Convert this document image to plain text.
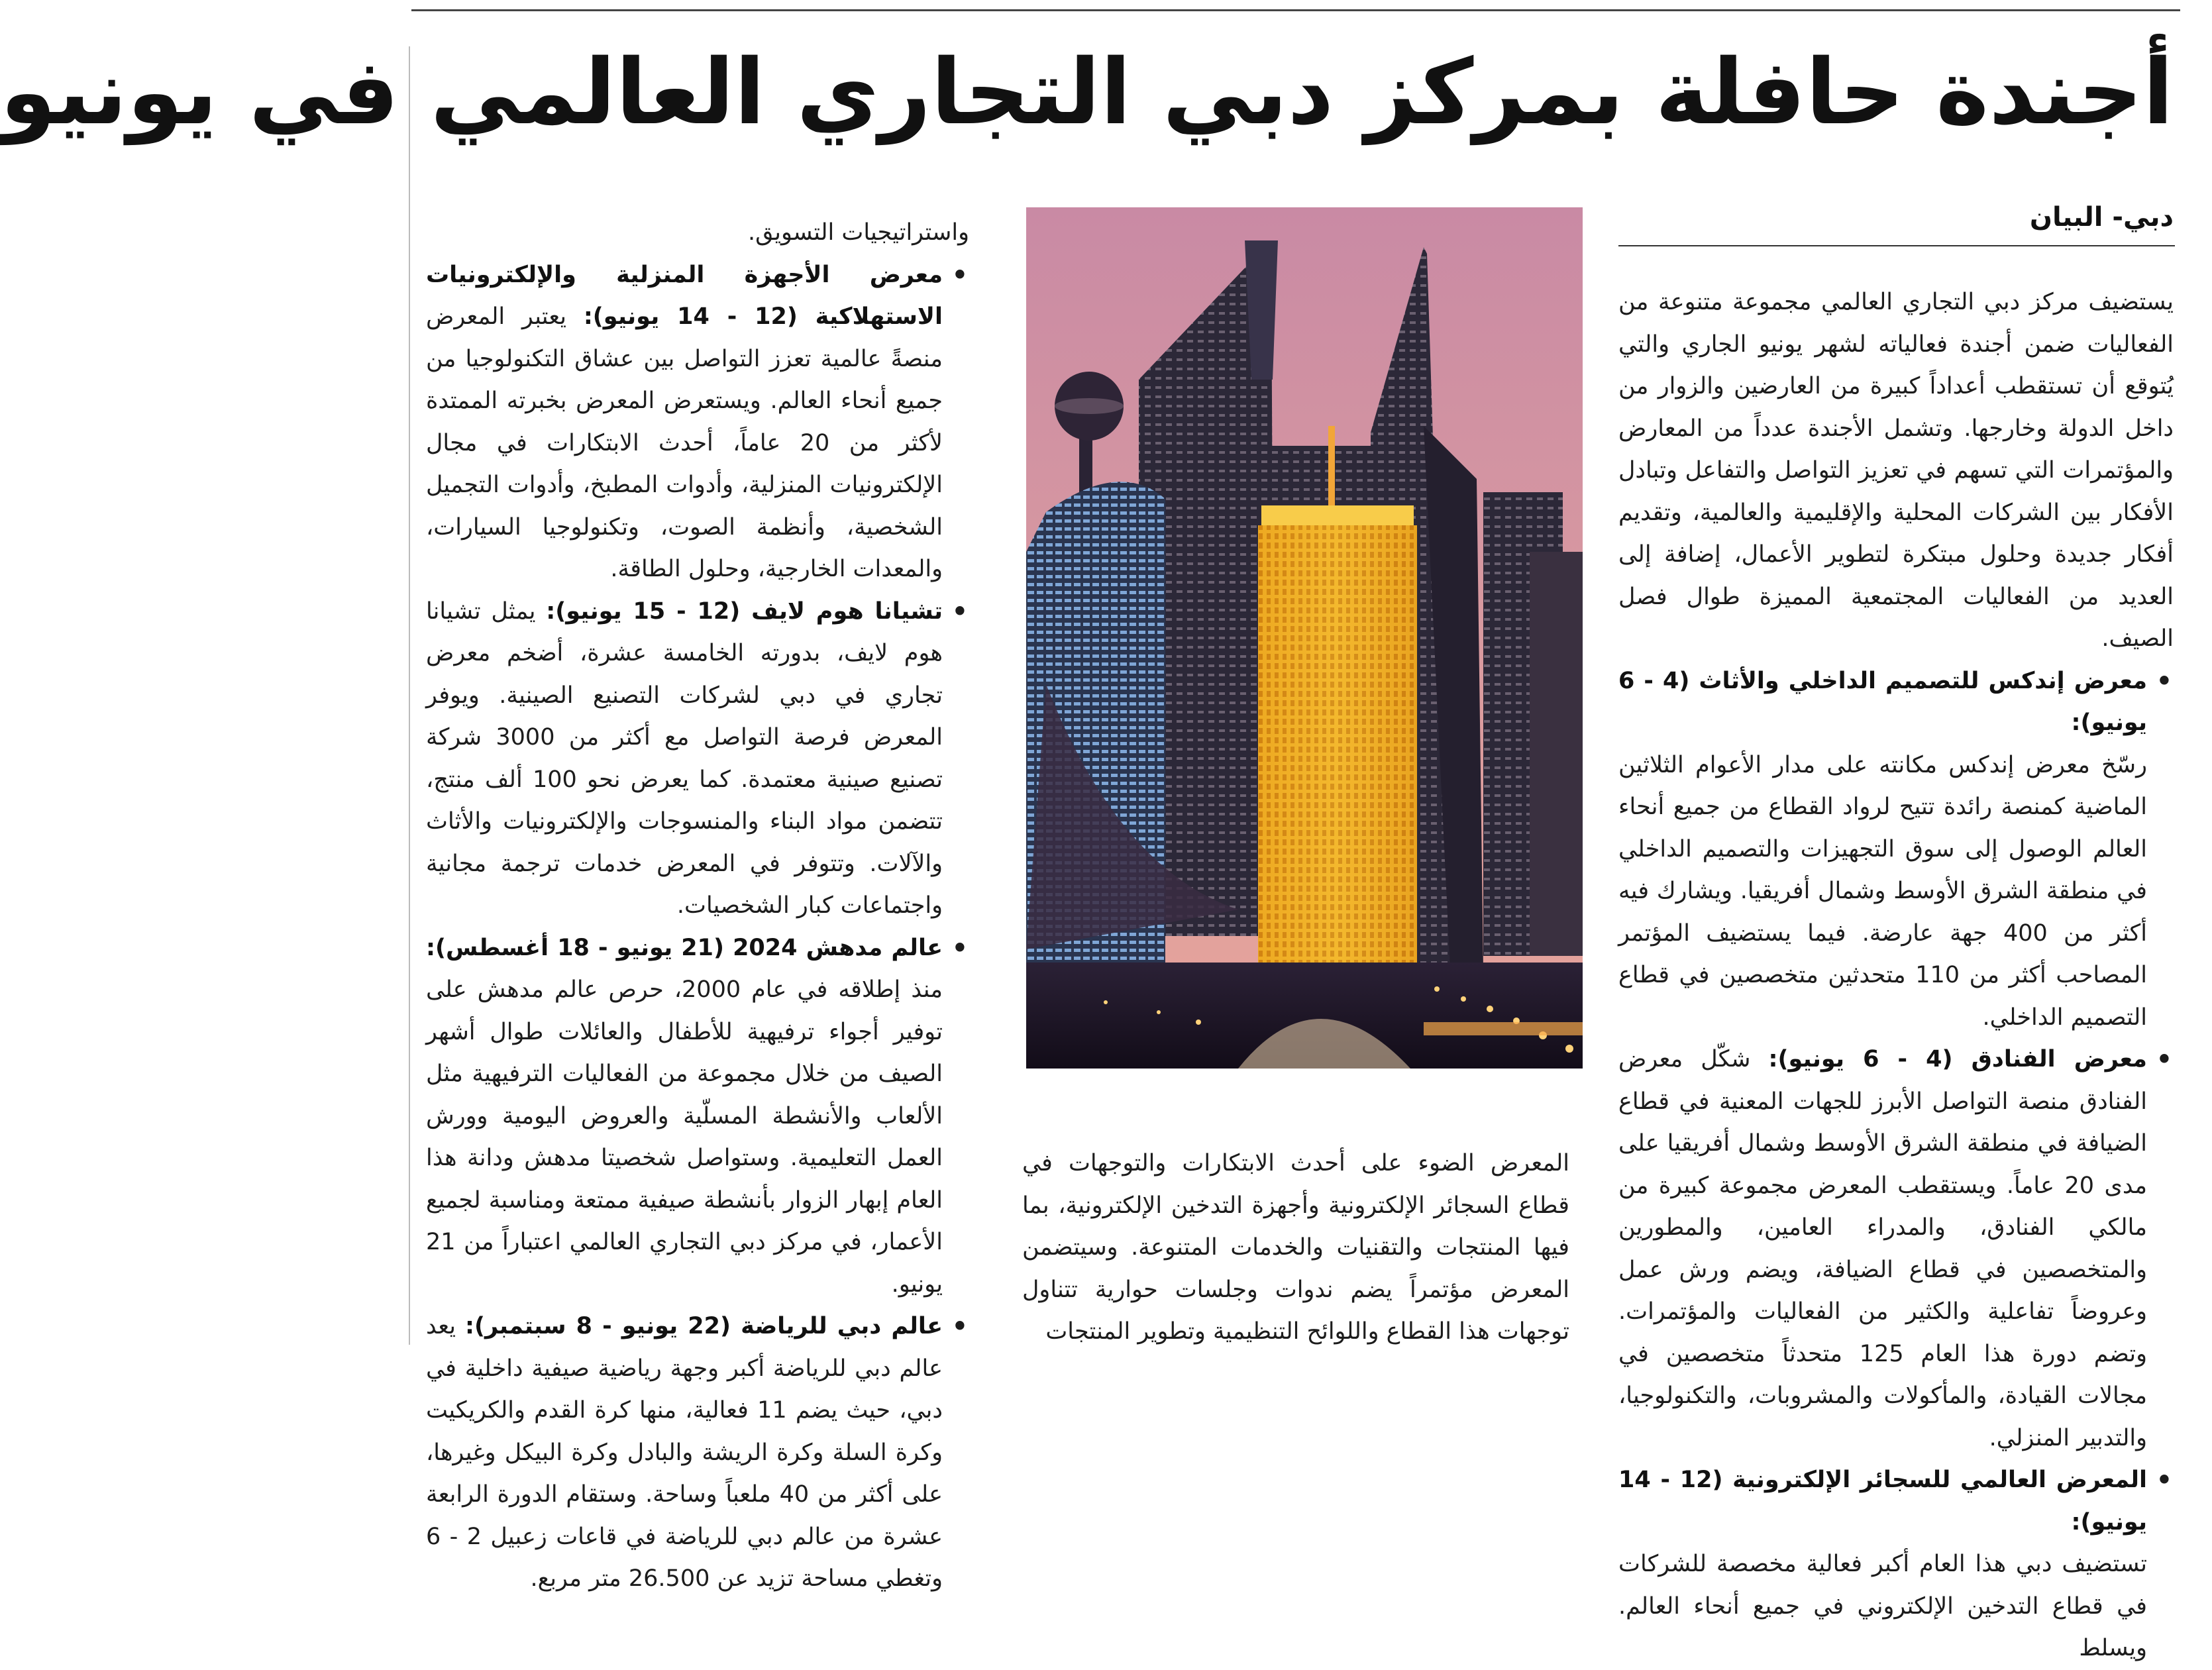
أجندة حافلة بمركز دبي التجاري العالمي في يونيو
دبي- البيان

يستضيف مركز دبي التجاري العالمي مجموعة متنوعة من الفعاليات ضمن أجندة فعالياته لشهر يونيو الجاري والتي يُتوقع أن تستقطب أعداداً كبيرة من العارضين والزوار من داخل الدولة وخارجها. وتشمل الأجندة عدداً من المعارض والمؤتمرات التي تسهم في تعزيز التواصل والتفاعل وتبادل الأفكار بين الشركات المحلية والإقليمية والعالمية، وتقديم أفكار جديدة وحلول مبتكرة لتطوير الأعمال، إضافة إلى العديد من الفعاليات المجتمعية المميزة طوال فصل الصيف.

•
معرض إندكس للتصميم الداخلي والأثاث (4 - 6 يونيو):
رسّخ معرض إندكس مكانته على مدار الأعوام الثلاثين الماضية كمنصة رائدة تتيح لرواد القطاع من جميع أنحاء العالم الوصول إلى سوق التجهيزات والتصميم الداخلي في منطقة الشرق الأوسط وشمال أفريقيا. ويشارك فيه أكثر من 400 جهة عارضة. فيما يستضيف المؤتمر المصاحب أكثر من 110 متحدثين متخصصين في قطاع التصميم الداخلي.
•
معرض الفنادق (4 - 6 يونيو): شكّل معرض الفنادق منصة التواصل الأبرز للجهات المعنية في قطاع الضيافة في منطقة الشرق الأوسط وشمال أفريقيا على مدى 20 عاماً. ويستقطب المعرض مجموعة كبيرة من مالكي الفنادق، والمدراء العامين، والمطورين والمتخصصين في قطاع الضيافة، ويضم ورش عمل وعروضاً تفاعلية والكثير من الفعاليات والمؤتمرات. وتضم دورة هذا العام 125 متحدثاً متخصصين في مجالات القيادة، والمأكولات والمشروبات، والتكنولوجيا، والتدبير المنزلي.
•
المعرض العالمي للسجائر الإلكترونية (12 - 14 يونيو):
تستضيف دبي هذا العام أكبر فعالية مخصصة للشركات في قطاع التدخين الإلكتروني في جميع أنحاء العالم. ويسلط

المعرض الضوء على أحدث الابتكارات والتوجهات في قطاع السجائر الإلكترونية وأجهزة التدخين الإلكترونية، بما فيها المنتجات والتقنيات والخدمات المتنوعة. وسيتضمن المعرض مؤتمراً يضم ندوات وجلسات حوارية تتناول توجهات هذا القطاع واللوائح التنظيمية وتطوير المنتجات

واستراتيجيات التسويق.

•
معرض الأجهزة المنزلية والإلكترونيات الاستهلاكية (12 - 14 يونيو): يعتبر المعرض منصةً عالمية تعزز التواصل بين عشاق التكنولوجيا من جميع أنحاء العالم. ويستعرض المعرض بخبرته الممتدة لأكثر من 20 عاماً، أحدث الابتكارات في مجال الإلكترونيات المنزلية، وأدوات المطبخ، وأدوات التجميل الشخصية، وأنظمة الصوت، وتكنولوجيا السيارات، والمعدات الخارجية، وحلول الطاقة.
•
تشيانا هوم لايف (12 - 15 يونيو): يمثل تشيانا هوم لايف، بدورته الخامسة عشرة، أضخم معرض تجاري في دبي لشركات التصنيع الصينية. ويوفر المعرض فرصة التواصل مع أكثر من 3000 شركة تصنيع صينية معتمدة. كما يعرض نحو 100 ألف منتج، تتضمن مواد البناء والمنسوجات والإلكترونيات والأثاث والآلات. وتتوفر في المعرض خدمات ترجمة مجانية واجتماعات كبار الشخصيات.
•
عالم مدهش 2024 (21 يونيو - 18 أغسطس): منذ إطلاقه في عام 2000، حرص عالم مدهش على توفير أجواء ترفيهية للأطفال والعائلات طوال أشهر الصيف من خلال مجموعة من الفعاليات الترفيهية مثل الألعاب والأنشطة المسلّية والعروض اليومية وورش العمل التعليمية. وستواصل شخصيتا مدهش ودانة هذا العام إبهار الزوار بأنشطة صيفية ممتعة ومناسبة لجميع الأعمار، في مركز دبي التجاري العالمي اعتباراً من 21 يونيو.
•
عالم دبي للرياضة (22 يونيو - 8 سبتمبر): يعد عالم دبي للرياضة أكبر وجهة رياضية صيفية داخلية في دبي، حيث يضم 11 فعالية، منها كرة القدم والكريكيت وكرة السلة وكرة الريشة والبادل وكرة البيكل وغيرها، على أكثر من 40 ملعباً وساحة. وستقام الدورة الرابعة عشرة من عالم دبي للرياضة في قاعات زعبيل 2 - 6 وتغطي مساحة تزيد عن 26.500 متر مربع.
